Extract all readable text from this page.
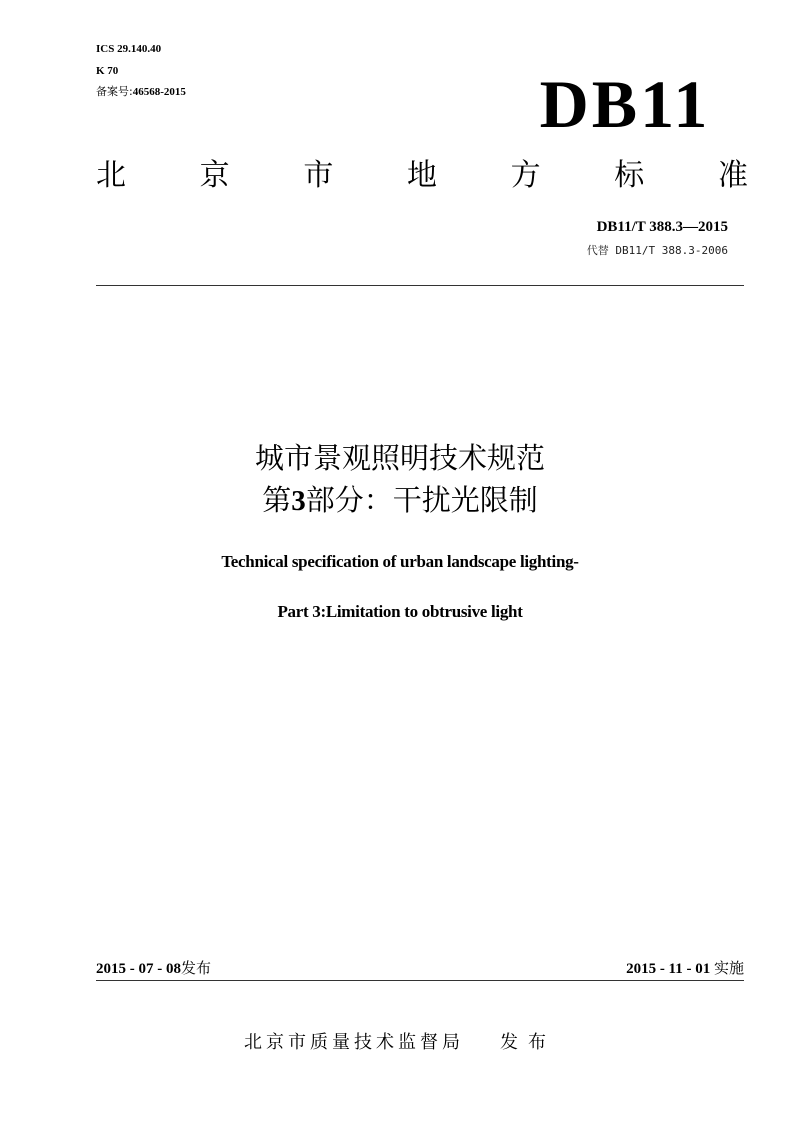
ICS 29.140.40
K 70
备案号:46568-2015	DB11
北 京 市 地 方 标 准
DB11/T 388.3—2015
代替 DB11/T 388.3-2006
城市景观照明技术规范
第3部分：干扰光限制
Technical specification of urban landscape lighting-
Part 3:Limitation to obtrusive light
2015 - 07 - 08发布	2015 - 11 - 01 实施
北京市质量技术监督局 发布
